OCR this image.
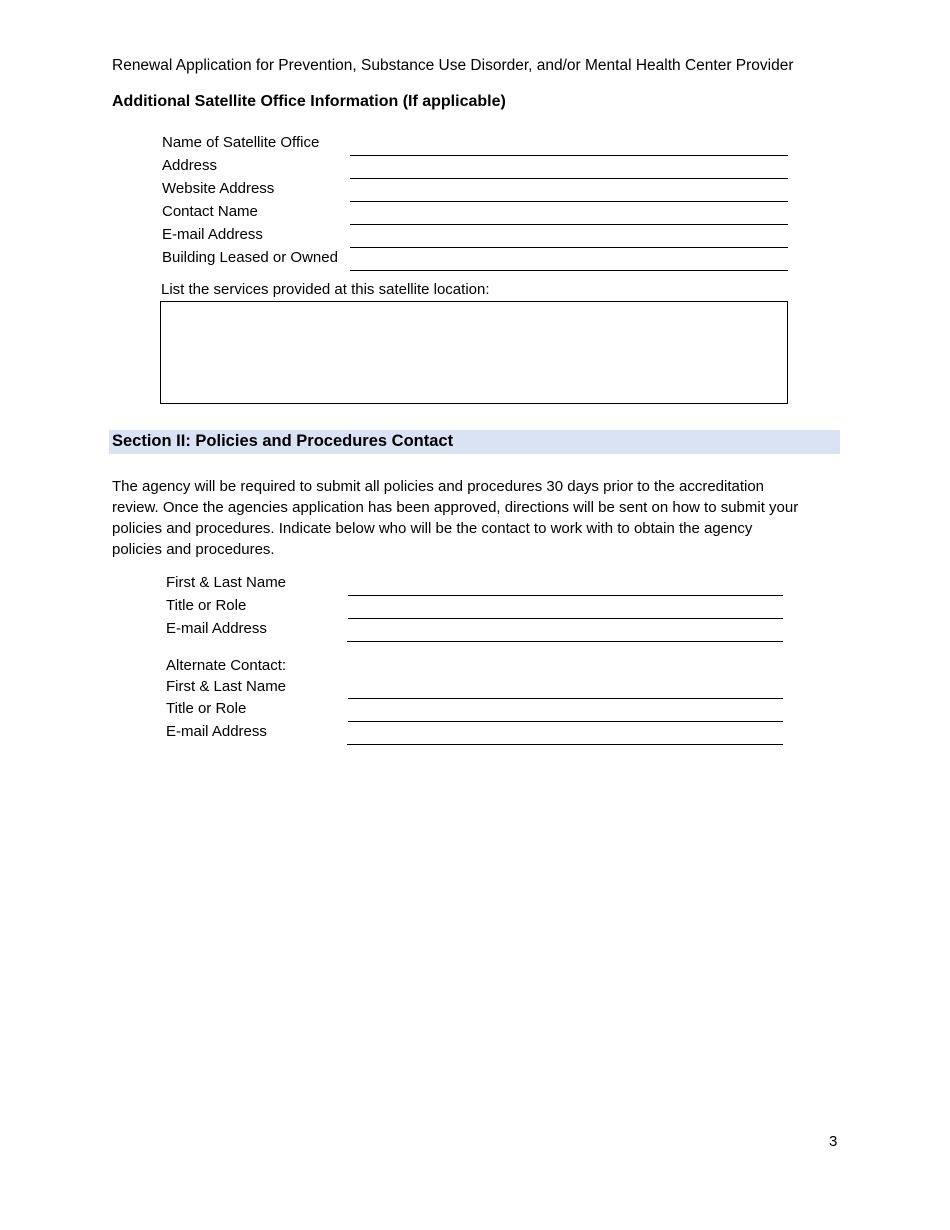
Renewal Application for Prevention, Substance Use Disorder, and/or Mental Health Center Provider
Additional Satellite Office Information (If applicable)
Name of Satellite Office
Address
Website Address
Contact Name
E-mail Address
Building Leased or Owned
List the services provided at this satellite location:
Section II: Policies and Procedures Contact
The agency will be required to submit all policies and procedures 30 days prior to the accreditation
review. Once the agencies application has been approved, directions will be sent on how to submit your
policies and procedures. Indicate below who will be the contact to work with to obtain the agency
policies and procedures.
First & Last Name
Title or Role
E-mail Address
Alternate Contact:
First & Last Name
Title or Role
E-mail Address
3
